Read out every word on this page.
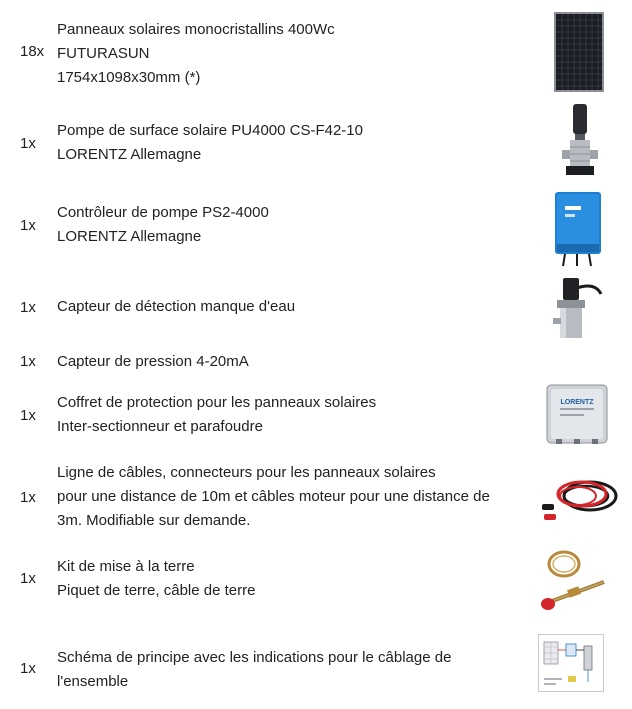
18x
Panneaux solaires monocristallins 400Wc
FUTURASUN
1754x1098x30mm (*)
1x
Pompe de surface solaire PU4000 CS-F42-10
LORENTZ Allemagne
1x
Contrôleur de pompe PS2-4000
LORENTZ Allemagne
1x Capteur de détection manque d'eau
1x Capteur de pression 4-20mA
1x
Coffret de protection pour les panneaux solaires
Inter-sectionneur et parafoudre
LORENTZ
1x
Ligne de câbles, connecteurs pour les panneaux solaires
pour une distance de 10m et câbles moteur pour une distance de
3m. Modifiable sur demande.
1x
Kit de mise à la terre
Piquet de terre, câble de terre
1x
Schéma de principe avec les indications pour le câblage de
l'ensemble
